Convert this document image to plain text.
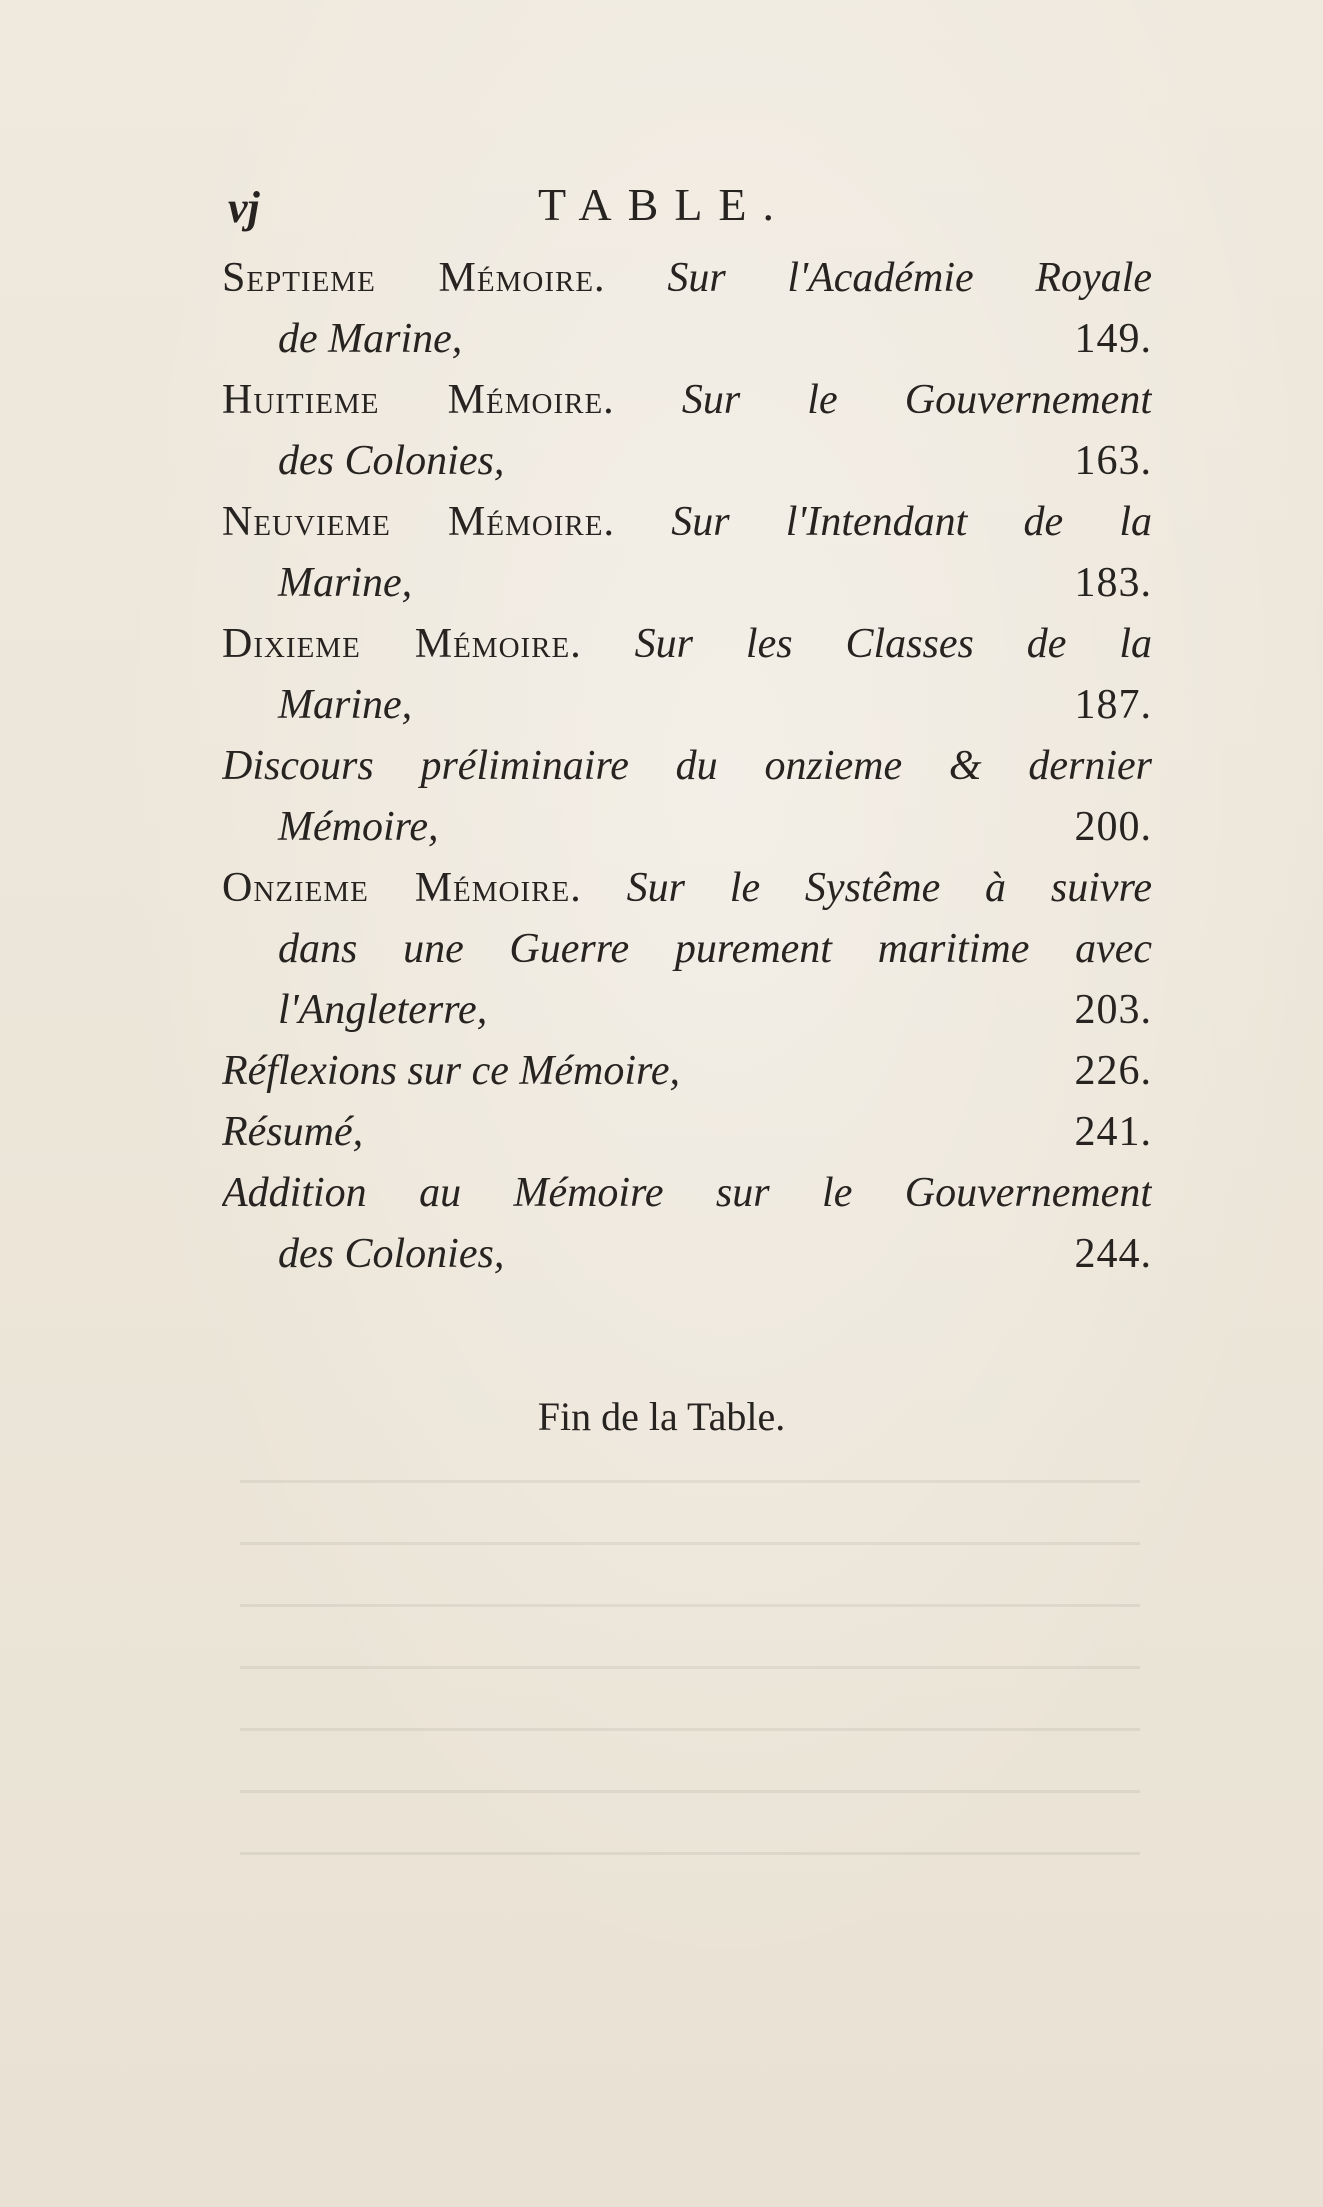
vj	TABLE.
Septieme Mémoire. Sur l'Académie Royale
de Marine,	149.
Huitieme Mémoire. Sur le Gouvernement
des Colonies,	163.
Neuvieme Mémoire. Sur l'Intendant de la
Marine,	183.
Dixieme Mémoire. Sur les Classes de la
Marine,	187.
Discours préliminaire du onzieme & dernier
Mémoire,	200.
Onzieme Mémoire. Sur le Systême à suivre
dans une Guerre purement maritime avec
l'Angleterre,	203.
Réflexions sur ce Mémoire,	226.
Résumé,	241.
Addition au Mémoire sur le Gouvernement
des Colonies,	244.
Fin de la Table.
